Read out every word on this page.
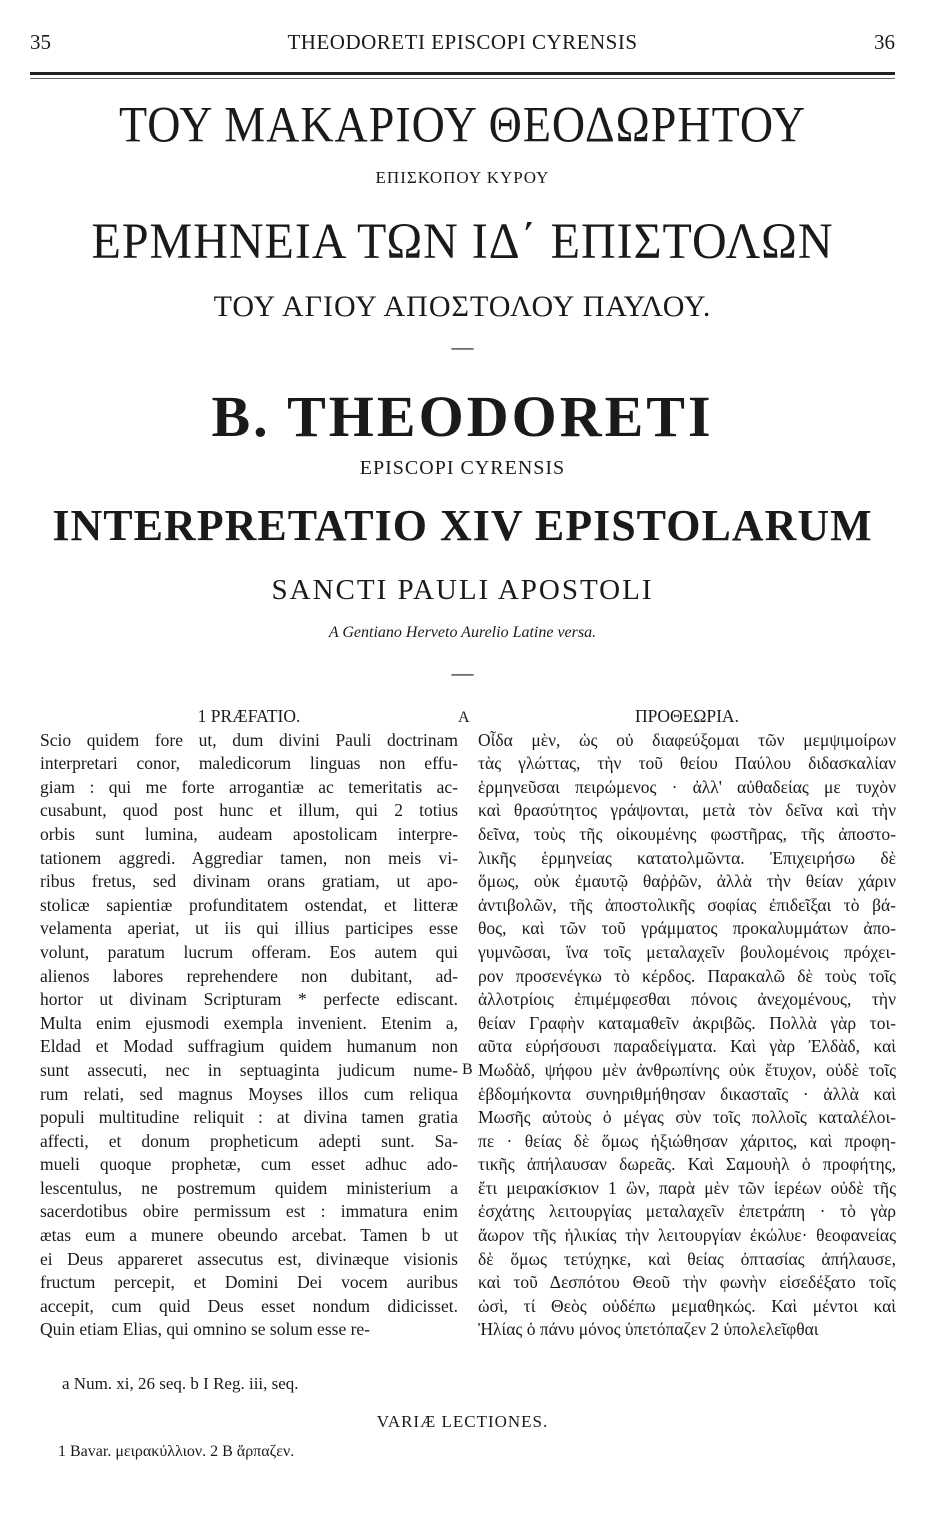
35	THEODORETI EPISCOPI CYRENSIS	36
ΤΟΥ ΜΑΚΑΡΙΟΥ ΘΕΟΔΩΡΗΤΟΥ
ΕΠΙΣΚΟΠΟΥ ΚΥΡΟΥ
ΕΡΜΗΝΕΙΑ ΤΩΝ ΙΔ΄ ΕΠΙΣΤΟΛΩΝ
ΤΟΥ ΑΓΙΟΥ ΑΠΟΣΤΟΛΟΥ ΠΑΥΛΟΥ.
—
B. THEODORETI
EPISCOPI CYRENSIS
INTERPRETATIO XIV EPISTOLARUM
SANCTI PAULI APOSTOLI
A Gentiano Herveto Aurelio Latine versa.
—
1 PRÆFATIO.
Scio quidem fore ut, dum divini Pauli doctrinam
interpretari conor, maledicorum linguas non effu-
giam : qui me forte arrogantiæ ac temeritatis ac-
cusabunt, quod post hunc et illum, qui 2 totius
orbis sunt lumina, audeam apostolicam interpre-
tationem aggredi. Aggrediar tamen, non meis vi-
ribus fretus, sed divinam orans gratiam, ut apo-
stolicæ sapientiæ profunditatem ostendat, et litteræ
velamenta aperiat, ut iis qui illius participes esse
volunt, paratum lucrum offeram. Eos autem qui
alienos labores reprehendere non dubitant, ad-
hortor ut divinam Scripturam * perfecte ediscant.
Multa enim ejusmodi exempla invenient. Etenim a,
Eldad et Modad suffragium quidem humanum non
sunt assecuti, nec in septuaginta judicum nume-
rum relati, sed magnus Moyses illos cum reliqua
populi multitudine reliquit : at divina tamen gratia
affecti, et donum propheticum adepti sunt. Sa-
mueli quoque prophetæ, cum esset adhuc ado-
lescentulus, ne postremum quidem ministerium a
sacerdotibus obire permissum est : immatura enim
ætas eum a munere obeundo arcebat. Tamen b ut
ei Deus appareret assecutus est, divinæque visionis
fructum percepit, et Domini Dei vocem auribus
accepit, cum quid Deus esset nondum didicisset.
Quin etiam Elias, qui omnino se solum esse re-
ΠΡΟΘΕΩΡΙΑ.
Οἶδα μὲν, ὡς οὐ διαφεύξομαι τῶν μεμψιμοίρων
τὰς γλώττας, τὴν τοῦ θείου Παύλου διδασκαλίαν
ἑρμηνεῦσαι πειρώμενος · ἀλλ' αὐθαδείας με τυχὸν
καὶ θρασύτητος γράψονται, μετὰ τὸν δεῖνα καὶ τὴν
δεῖνα, τοὺς τῆς οἰκουμένης φωστῆρας, τῆς ἀποστο-
λικῆς ἑρμηνείας κατατολμῶντα. Ἐπιχειρήσω δὲ
ὅμως, οὐκ ἐμαυτῷ θαῤῥῶν, ἀλλὰ τὴν θείαν χάριν
ἀντιβολῶν, τῆς ἀποστολικῆς σοφίας ἐπιδεῖξαι τὸ βά-
θος, καὶ τῶν τοῦ γράμματος προκαλυμμάτων ἀπο-
γυμνῶσαι, ἵνα τοῖς μεταλαχεῖν βουλομένοις πρόχει-
ρον προσενέγκω τὸ κέρδος. Παρακαλῶ δὲ τοὺς τοῖς
ἀλλοτρίοις ἐπιμέμφεσθαι πόνοις ἀνεχομένους, τὴν
θείαν Γραφὴν καταμαθεῖν ἀκριβῶς. Πολλὰ γὰρ τοι-
αῦτα εὑρήσουσι παραδείγματα. Καὶ γὰρ Ἐλδὰδ, καὶ
Μωδὰδ, ψήφου μὲν ἀνθρωπίνης οὐκ ἔτυχον, οὐδὲ τοῖς
ἑβδομήκοντα συνηριθμήθησαν δικασταῖς · ἀλλὰ καὶ
Μωσῆς αὐτοὺς ὁ μέγας σὺν τοῖς πολλοῖς καταλέλοι-
πε · θείας δὲ ὅμως ἠξιώθησαν χάριτος, καὶ προφη-
τικῆς ἀπήλαυσαν δωρεᾶς. Καὶ Σαμουὴλ ὁ προφήτης,
ἔτι μειρακίσκιον 1 ὢν, παρὰ μὲν τῶν ἱερέων οὐδὲ τῆς
ἐσχάτης λειτουργίας μεταλαχεῖν ἐπετράπη · τὸ γὰρ
ἄωρον τῆς ἡλικίας τὴν λειτουργίαν ἐκώλυε· θεοφανείας
δὲ ὅμως τετύχηκε, καὶ θείας ὀπτασίας ἀπήλαυσε,
καὶ τοῦ Δεσπότου Θεοῦ τὴν φωνὴν εἰσεδέξατο τοῖς
ὠσὶ, τί Θεὸς οὐδέπω μεμαθηκώς. Καὶ μέντοι καὶ
Ἠλίας ὁ πάνυ μόνος ὑπετόπαζεν 2 ὑπολελεῖφθαι
A
B
a Num. xi, 26 seq. b I Reg. iii, seq.
VARIÆ LECTIONES.
1 Bavar. μειρακύλλιον. 2 B ἅρπαζεν.
